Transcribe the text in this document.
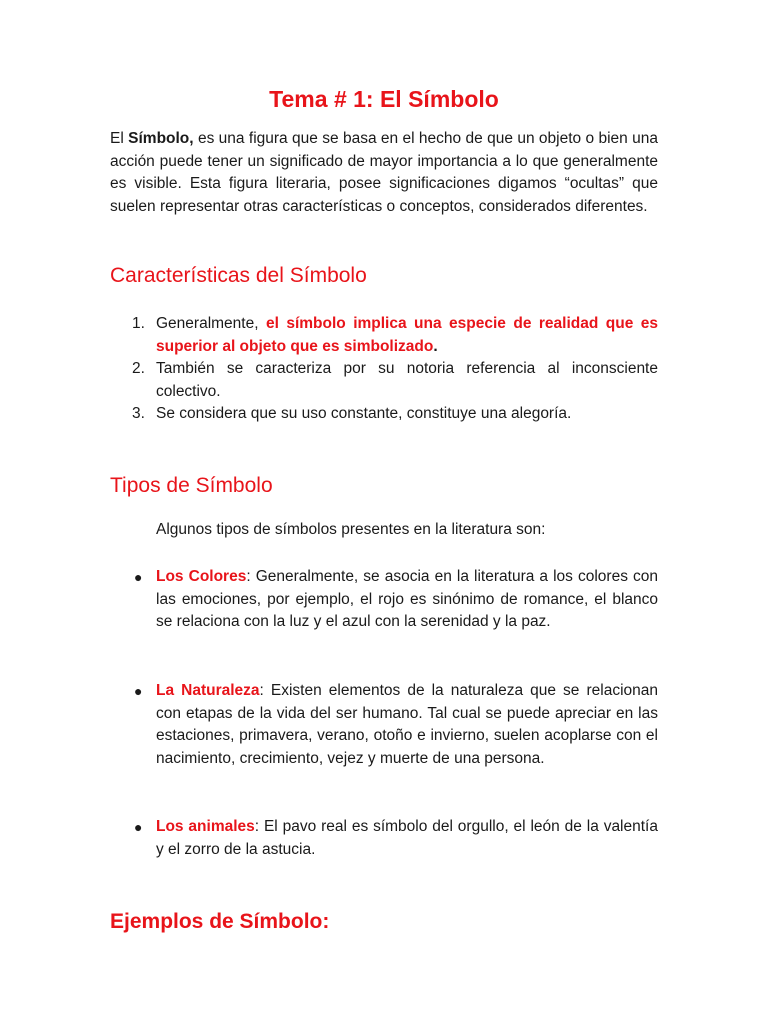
Tema # 1: El Símbolo

El Símbolo, es una figura que se basa en el hecho de que un objeto o bien una acción puede tener un significado de mayor importancia a lo que generalmente es visible. Esta figura literaria, posee significaciones digamos “ocultas” que suelen representar otras características o conceptos, considerados diferentes.

Características del Símbolo
1. Generalmente, el símbolo implica una especie de realidad que es superior al objeto que es simbolizado.
2. También se caracteriza por su notoria referencia al inconsciente colectivo.
3. Se considera que su uso constante, constituye una alegoría.
Tipos de Símbolo

Algunos tipos de símbolos presentes en la literatura son:

● Los Colores: Generalmente, se asocia en la literatura a los colores con las emociones, por ejemplo, el rojo es sinónimo de romance, el blanco se relaciona con la luz y el azul con la serenidad y la paz.
● La Naturaleza: Existen elementos de la naturaleza que se relacionan con etapas de la vida del ser humano. Tal cual se puede apreciar en las estaciones, primavera, verano, otoño e invierno, suelen acoplarse con el nacimiento, crecimiento, vejez y muerte de una persona.
● Los animales: El pavo real es símbolo del orgullo, el león de la valentía y el zorro de la astucia.
Ejemplos de Símbolo:
